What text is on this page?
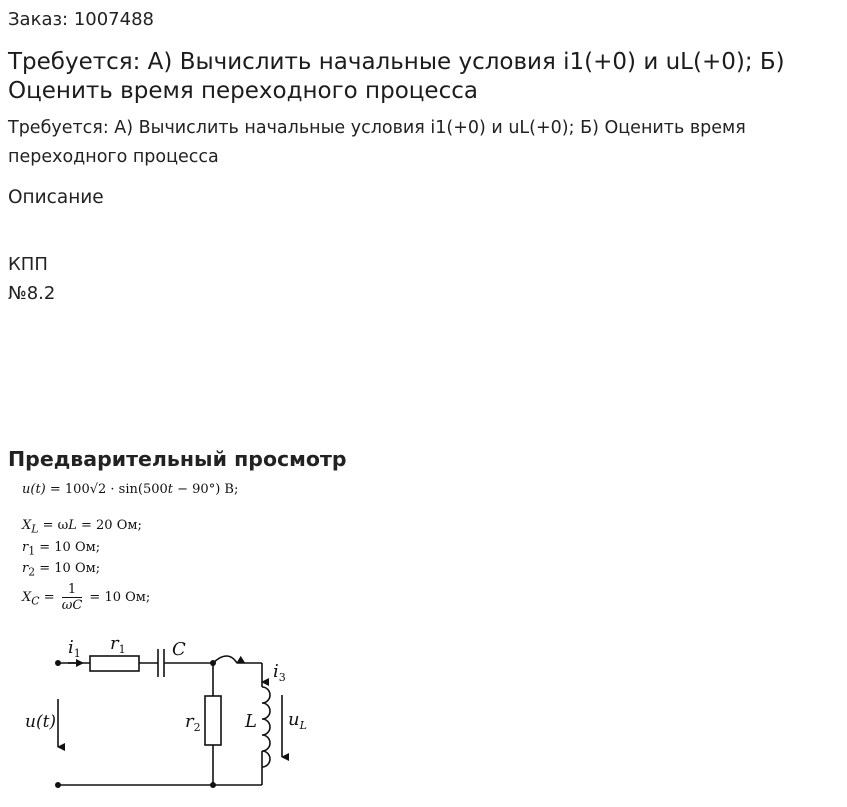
Заказ: 1007488
Требуется: А) Вычислить начальные условия i1(+0) и uL(+0); Б) Оценить время переходного процесса
Требуется: А) Вычислить начальные условия i1(+0) и uL(+0); Б) Оценить время переходного процесса
Описание
КПП
№8.2
Предварительный просмотр
u(t) = 100√2 · sin(500t − 90°) В;
$X_L = \omega L = 20$ Ом;
$r_1 = 10$ Ом;
$r_2 = 10$ Ом;
$X_C = \frac{1}{\omega C} = 10$ Ом;
$i_1$ $r_1$	C
$i_3$
u(t)	$r_2$ L $u_L$
